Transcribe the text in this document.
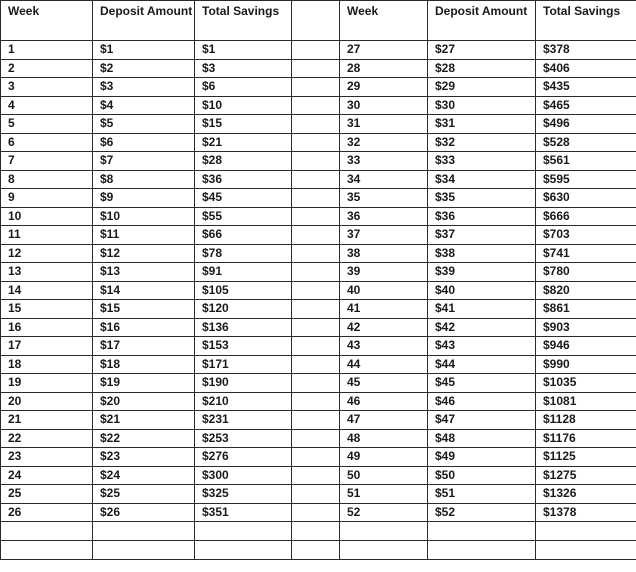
Week	Deposit Amount	Total Savings		Week	Deposit Amount	Total Savings
1	$1	$1		27	$27	$378
2	$2	$3		28	$28	$406
3	$3	$6		29	$29	$435
4	$4	$10		30	$30	$465
5	$5	$15		31	$31	$496
6	$6	$21		32	$32	$528
7	$7	$28		33	$33	$561
8	$8	$36		34	$34	$595
9	$9	$45		35	$35	$630
10	$10	$55		36	$36	$666
11	$11	$66		37	$37	$703
12	$12	$78		38	$38	$741
13	$13	$91		39	$39	$780
14	$14	$105		40	$40	$820
15	$15	$120		41	$41	$861
16	$16	$136		42	$42	$903
17	$17	$153		43	$43	$946
18	$18	$171		44	$44	$990
19	$19	$190		45	$45	$1035
20	$20	$210		46	$46	$1081
21	$21	$231		47	$47	$1128
22	$22	$253		48	$48	$1176
23	$23	$276		49	$49	$1125
24	$24	$300		50	$50	$1275
25	$25	$325		51	$51	$1326
26	$26	$351		52	$52	$1378
